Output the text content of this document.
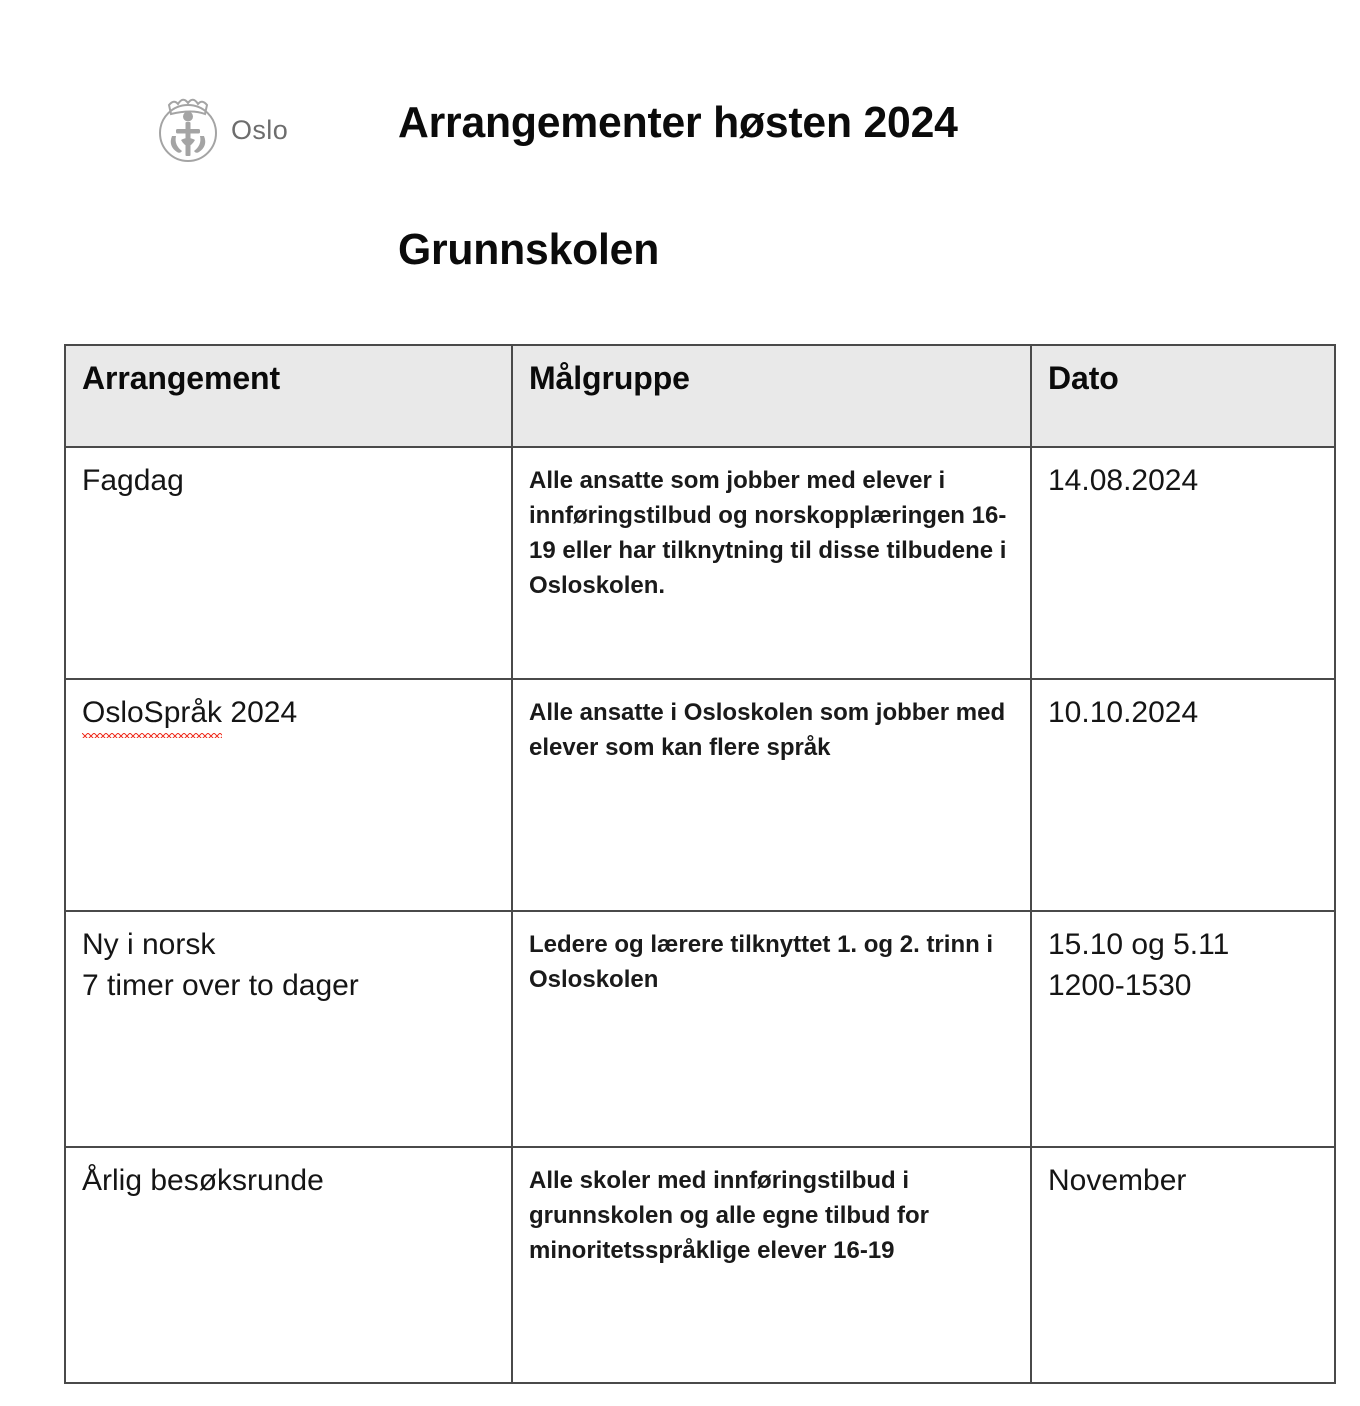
Oslo Arrangementer høsten 2024
Grunnskolen
Arrangement	Målgruppe	Dato

Fagdag	Alle ansatte som jobber med elever i innføringstilbud og norskopplæringen 16-19 eller har tilknytning til disse tilbudene i Osloskolen.	14.08.2024

OsloSpråk 2024	Alle ansatte i Osloskolen som jobber med elever som kan flere språk	10.10.2024

Ny i norsk
7 timer over to dager	Ledere og lærere tilknyttet 1. og 2. trinn i Osloskolen	15.10 og 5.11
1200-1530

Årlig besøksrunde	Alle skoler med innføringstilbud i grunnskolen og alle egne tilbud for minoritetsspråklige elever 16-19	November
